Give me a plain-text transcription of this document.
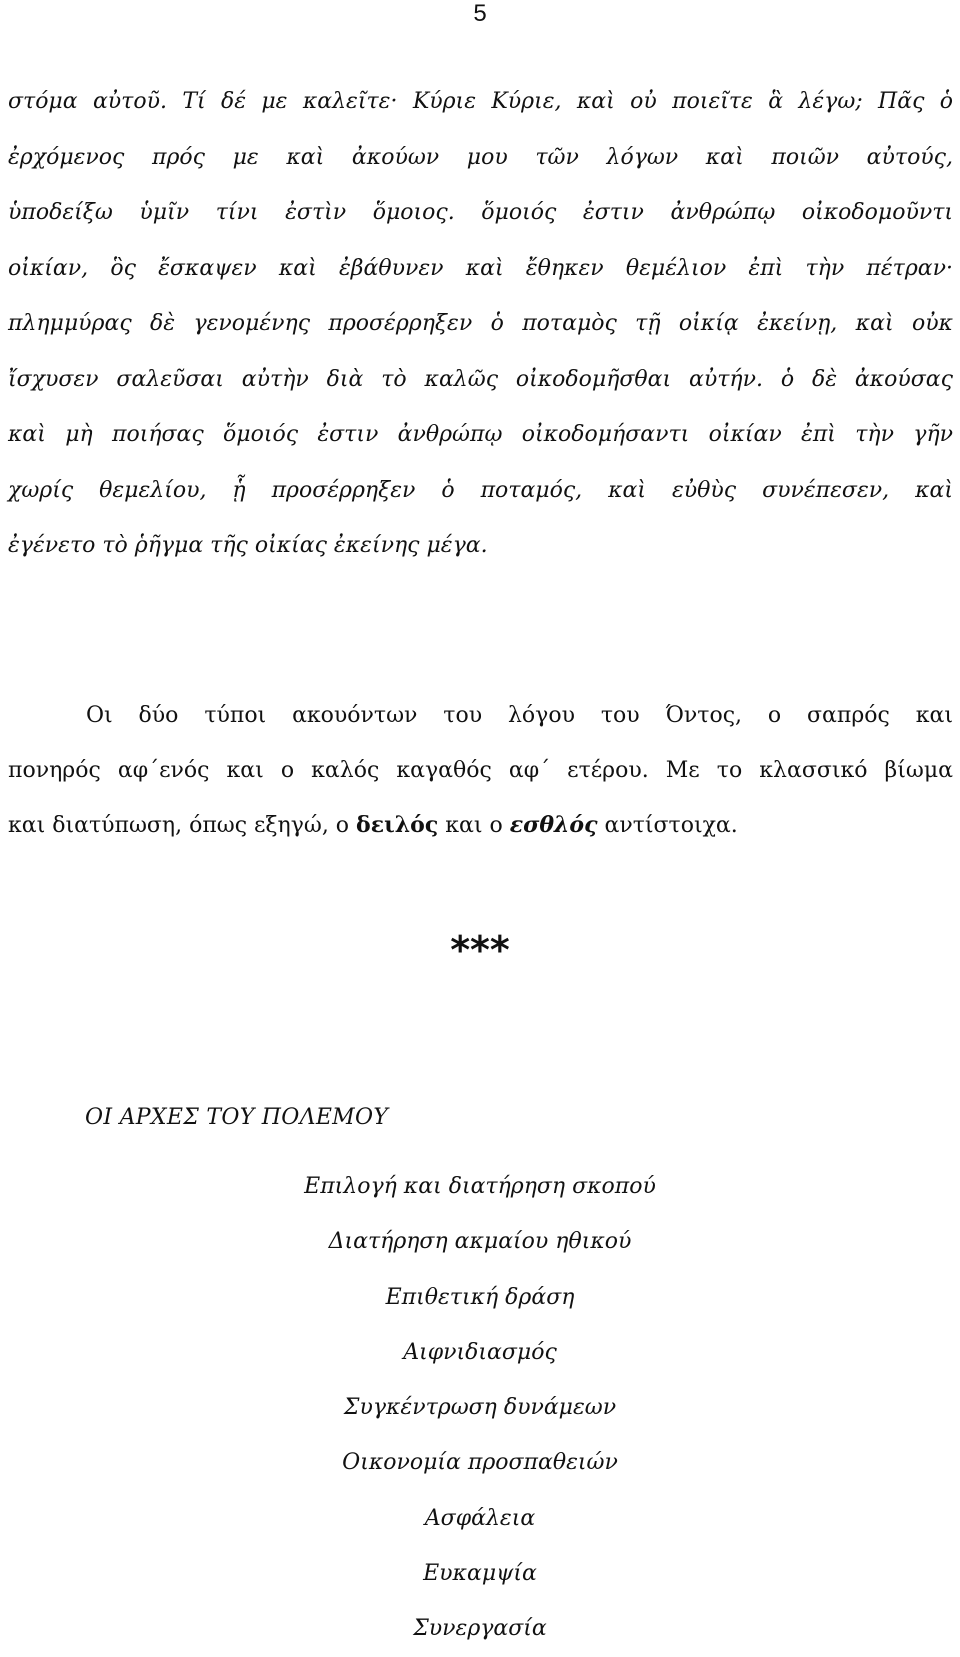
5
στόμα αὐτοῦ. Τί δέ με καλεῖτε· Κύριε Κύριε, καὶ οὐ ποιεῖτε ἃ λέγω; Πᾶς ὁ
ἐρχόμενος πρός με καὶ ἀκούων μου τῶν λόγων καὶ ποιῶν αὐτούς,
ὑποδείξω ὑμῖν τίνι ἐστὶν ὅμοιος. ὅμοιός ἐστιν ἀνθρώπῳ οἰκοδομοῦντι
οἰκίαν, ὃς ἔσκαψεν καὶ ἐβάθυνεν καὶ ἔθηκεν θεμέλιον ἐπὶ τὴν πέτραν·
πλημμύρας δὲ γενομένης προσέρρηξεν ὁ ποταμὸς τῇ οἰκίᾳ ἐκείνῃ, καὶ οὐκ
ἴσχυσεν σαλεῦσαι αὐτὴν διὰ τὸ καλῶς οἰκοδομῆσθαι αὐτήν. ὁ δὲ ἀκούσας
καὶ μὴ ποιήσας ὅμοιός ἐστιν ἀνθρώπῳ οἰκοδομήσαντι οἰκίαν ἐπὶ τὴν γῆν
χωρίς θεμελίου, ᾗ προσέρρηξεν ὁ ποταμός, καὶ εὐθὺς συνέπεσεν, καὶ
ἐγένετο τὸ ῥῆγμα τῆς οἰκίας ἐκείνης μέγα.
Οι δύο τύποι ακουόντων του λόγου του Όντος, ο σαπρός και
πονηρός αφ΄ενός και ο καλός καγαθός αφ΄ ετέρου. Με το κλασσικό βίωμα
και διατύπωση, όπως εξηγώ, ο δειλός και ο εσθλός αντίστοιχα.
***
ΟΙ ΑΡΧΕΣ ΤΟΥ ΠΟΛΕΜΟΥ
Επιλογή και διατήρηση σκοπού
Διατήρηση ακμαίου ηθικού
Επιθετική δράση
Αιφνιδιασμός
Συγκέντρωση δυνάμεων
Οικονομία προσπαθειών
Ασφάλεια
Ευκαμψία
Συνεργασία
